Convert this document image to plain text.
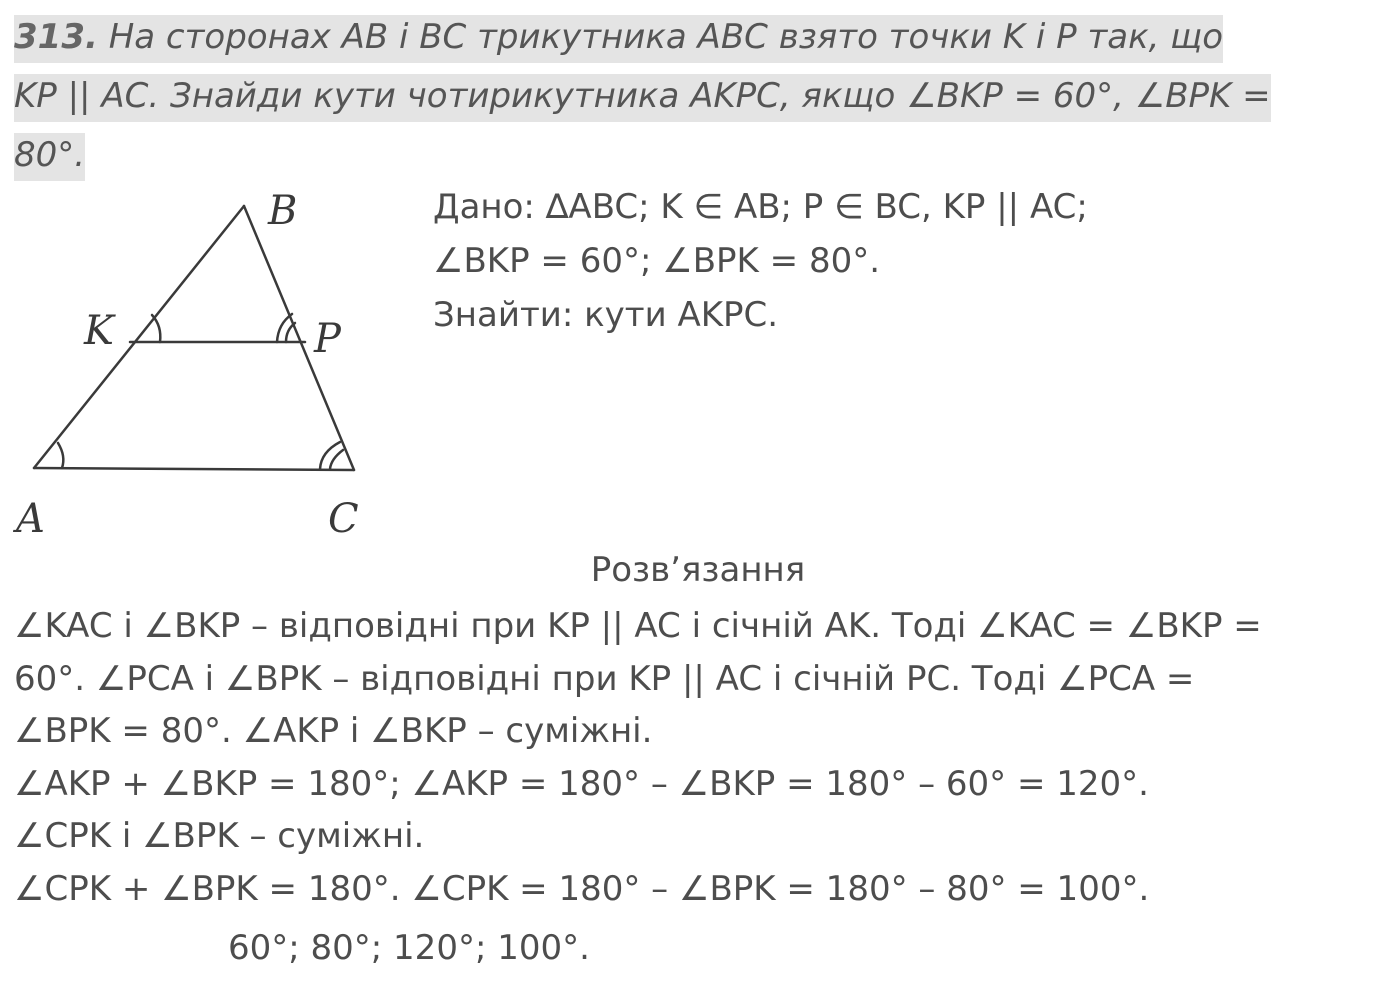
313. На сторонах AB і BC трикутника ABC взято точки K і P так, що
KP || AC. Знайди кути чотирикутника AKPC, якщо ∠BKP = 60°, ∠BPK =
80°.
B
K	P
A	C
Дано: ∆ABC; K ∈ AB; P ∈ BC, KP || AC;
∠BKP = 60°; ∠BPK = 80°.
Знайти: кути AKPC.
Розв’язання
∠KAC і ∠BKP – відповідні при KP || AC і січній AK. Тоді ∠KAC = ∠BKP =
60°. ∠PCA і ∠BPK – відповідні при KP || AC і січній PC. Тоді ∠PCA =
∠BPK = 80°. ∠AKP і ∠BKP – суміжні.
∠AKP + ∠BKP = 180°; ∠AKP = 180° – ∠BKP = 180° – 60° = 120°.
∠CPK і ∠BPK – суміжні.
∠CPK + ∠BPK = 180°. ∠CPK = 180° – ∠BPK = 180° – 80° = 100°.
60°; 80°; 120°; 100°.
